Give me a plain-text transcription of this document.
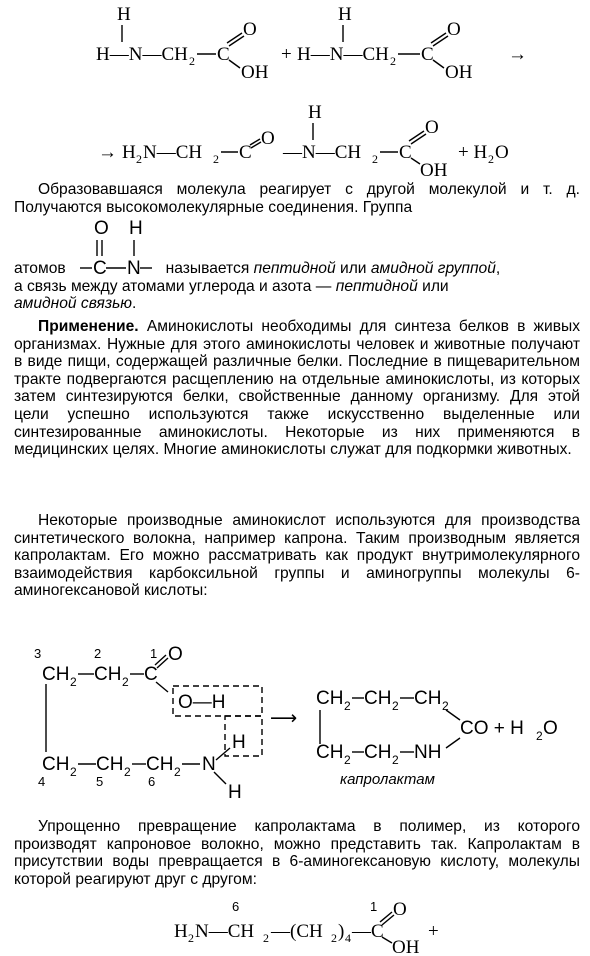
H
H—N—CH 2 C
O
OH
+
H
H—N—CH 2 C
O
OH
→
→ H 2 N—CH 2 C
O
H
—N—CH 2 C
O
OH
+ H 2 O

Образовавшаяся молекула реагирует с другой молекулой и т. д. Получаются высокомолекулярные соединения. Группа

O H
C N

атомов	называется пептидной или амидной группой,
а связь между атомами углерода и азота — пептидной или
амидной связью.

Применение. Аминокислоты необходимы для синтеза белков в живых организмах. Нужные для этого аминокислоты человек и животные получают в виде пищи, содержащей различные белки. Последние в пищеварительном тракте подвергаются расщеплению на отдельные аминокислоты, из которых затем синтезируются белки, свойственные данному организму. Для этой цели успешно используются также искусственно выделенные или синтезированные аминокислоты. Некоторые из них применяются в медицинских целях. Многие аминокислоты служат для подкормки животных.

Некоторые производные аминокислот используются для производства синтетического волокна, например капрона. Таким производным является капролактам. Его можно рассматривать как продукт внутримолекулярного взаимодействия карбоксильной группы и аминогруппы молекулы 6-аминогексановой кислоты:

3	2	1
CH 2 CH 2 C
O
O—H
H
CH 2 CH 2 CH 2 N
H
4	5	6
⟶
CH 2 CH 2 CH 2
CO + H 2 O
CH 2 CH 2 NH
капролактам

Упрощенно превращение капролактама в полимер, из которого производят капроновое волокно, можно представить так. Капролактам в присутствии воды превращается в 6-аминогексановую кислоту, молекулы которой реагируют друг с другом:

6	1
H 2 N—CH 2 —(CH 2 ) 4 —C
O
OH
+
